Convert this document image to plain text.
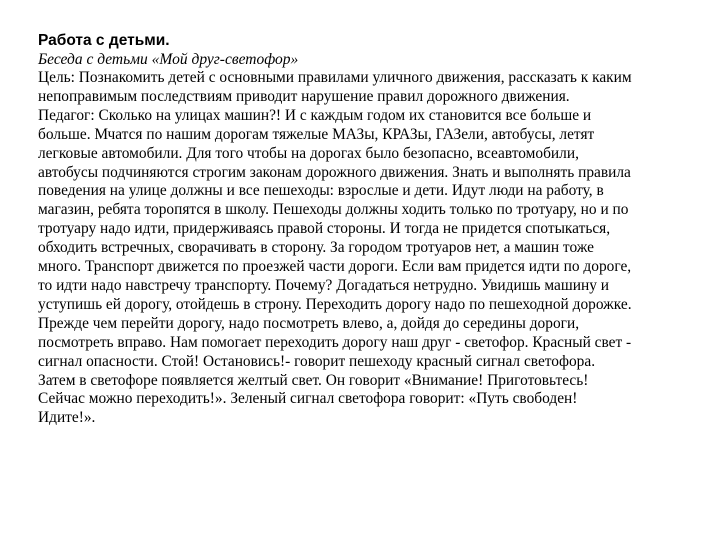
Работа с детьми.

Беседа с детьми «Мой друг-светофор»

Цель: Познакомить детей с основными правилами уличного движения, рассказать к каким
непоправимым последствиям приводит нарушение правил дорожного движения.
Педагог: Сколько на улицах машин?! И с каждым годом их становится все больше и
больше. Мчатся по нашим дорогам тяжелые МАЗы, КРАЗы, ГАЗели, автобусы, летят
легковые автомобили. Для того чтобы на дорогах было безопасно, всеавтомобили,
автобусы подчиняются строгим законам дорожного движения. Знать и выполнять правила
поведения на улице должны и все пешеходы: взрослые и дети. Идут люди на работу, в
магазин, ребята торопятся в школу. Пешеходы должны ходить только по тротуару, но и по
тротуару надо идти, придерживаясь правой стороны. И тогда не придется спотыкаться,
обходить встречных, сворачивать в сторону. За городом тротуаров нет, а машин тоже
много. Транспорт движется по проезжей части дороги. Если вам придется идти по дороге,
то идти надо навстречу транспорту. Почему? Догадаться нетрудно. Увидишь машину и
уступишь ей дорогу, отойдешь в строну. Переходить дорогу надо по пешеходной дорожке.
Прежде чем перейти дорогу, надо посмотреть влево, а, дойдя до середины дороги,
посмотреть вправо. Нам помогает переходить дорогу наш друг - светофор. Красный свет -
сигнал опасности. Стой! Остановись!- говорит пешеходу красный сигнал светофора.
Затем в светофоре появляется желтый свет. Он говорит «Внимание! Приготовьтесь!
Сейчас можно переходить!». Зеленый сигнал светофора говорит: «Путь свободен!
Идите!».
